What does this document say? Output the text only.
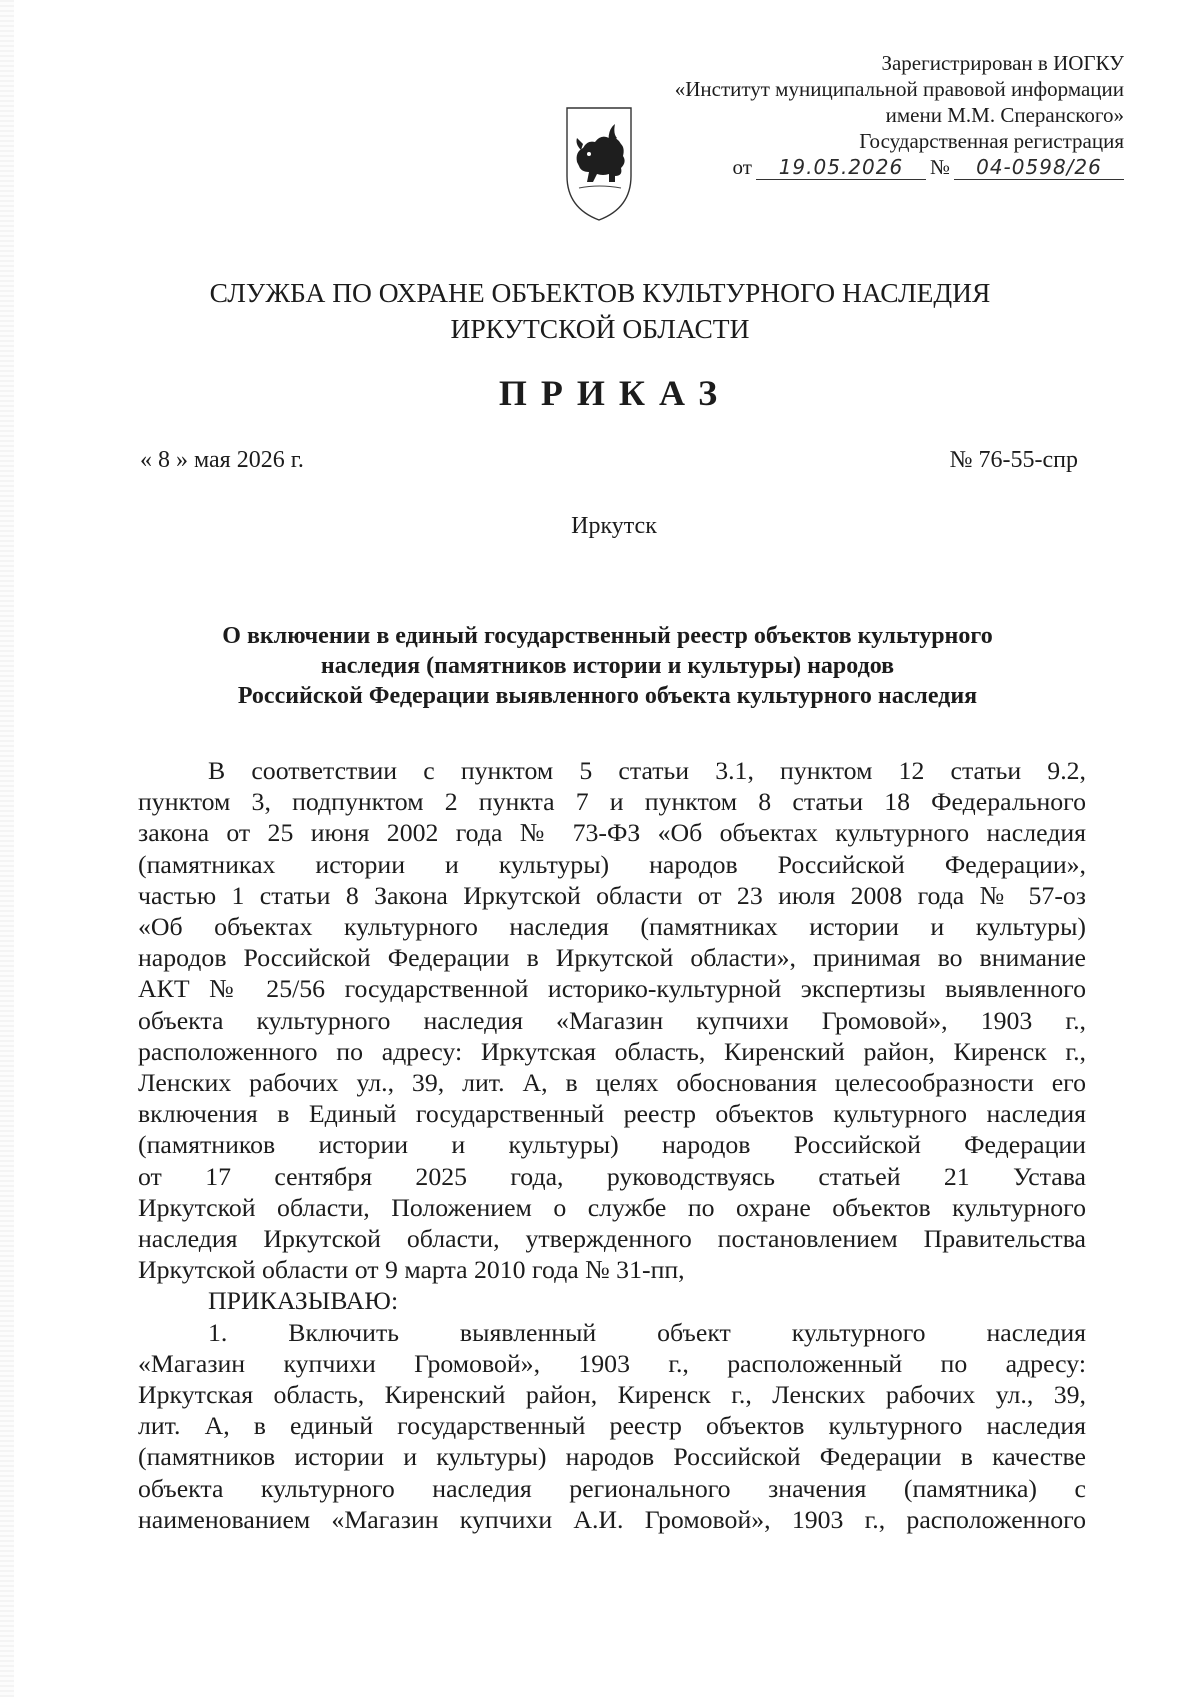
Зарегистрирован в ИОГКУ
«Институт муниципальной правовой информации
имени М.М. Сперанского»
Государственная регистрация
от	19.05.2026	№	04-0598/26
СЛУЖБА ПО ОХРАНЕ ОБЪЕКТОВ КУЛЬТУРНОГО НАСЛЕДИЯ
ИРКУТСКОЙ ОБЛАСТИ
ПРИКАЗ
« 8 » мая 2026 г.	№ 76-55-спр
Иркутск
О включении в единый государственный реестр объектов культурного
наследия (памятников истории и культуры) народов
Российской Федерации выявленного объекта культурного наследия
В соответствии с пунктом 5 статьи 3.1, пунктом 12 статьи 9.2,
пунктом 3, подпунктом 2 пункта 7 и пунктом 8 статьи 18 Федерального
закона от 25 июня 2002 года № 73-ФЗ «Об объектах культурного наследия
(памятниках истории и культуры) народов Российской Федерации»,
частью 1 статьи 8 Закона Иркутской области от 23 июля 2008 года № 57-оз
«Об объектах культурного наследия (памятниках истории и культуры)
народов Российской Федерации в Иркутской области», принимая во внимание
АКТ № 25/56 государственной историко-культурной экспертизы выявленного
объекта культурного наследия «Магазин купчихи Громовой», 1903 г.,
расположенного по адресу: Иркутская область, Киренский район, Киренск г.,
Ленских рабочих ул., 39, лит. А, в целях обоснования целесообразности его
включения в Единый государственный реестр объектов культурного наследия
(памятников истории и культуры) народов Российской Федерации
от 17 сентября 2025 года, руководствуясь статьей 21 Устава
Иркутской области, Положением о службе по охране объектов культурного
наследия Иркутской области, утвержденного постановлением Правительства
Иркутской области от 9 марта 2010 года № 31-пп,
ПРИКАЗЫВАЮ:
1. Включить выявленный объект культурного наследия
«Магазин купчихи Громовой», 1903 г., расположенный по адресу:
Иркутская область, Киренский район, Киренск г., Ленских рабочих ул., 39,
лит. А, в единый государственный реестр объектов культурного наследия
(памятников истории и культуры) народов Российской Федерации в качестве
объекта культурного наследия регионального значения (памятника) с
наименованием «Магазин купчихи А.И. Громовой», 1903 г., расположенного
